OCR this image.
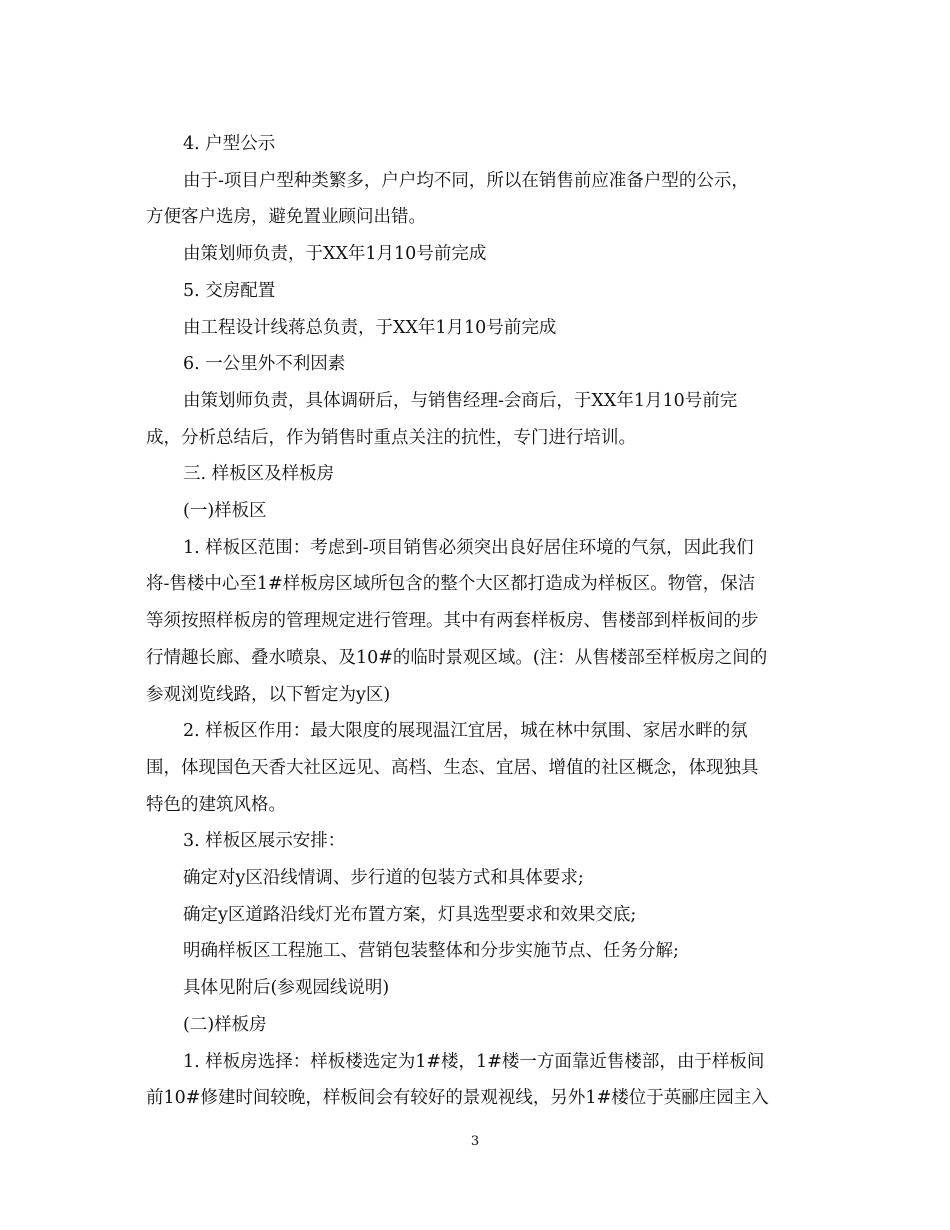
4. 户型公示
由于-项目户型种类繁多，户户均不同，所以在销售前应准备户型的公示，
方便客户选房，避免置业顾问出错。
由策划师负责，于XX年1月10号前完成
5. 交房配置
由工程设计线蒋总负责，于XX年1月10号前完成
6. 一公里外不利因素
由策划师负责，具体调研后，与销售经理-会商后，于XX年1月10号前完
成，分析总结后，作为销售时重点关注的抗性，专门进行培训。
三. 样板区及样板房
(一)样板区
1. 样板区范围：考虑到-项目销售必须突出良好居住环境的气氛，因此我们
将-售楼中心至1#样板房区域所包含的整个大区都打造成为样板区。物管，保洁
等须按照样板房的管理规定进行管理。其中有两套样板房、售楼部到样板间的步
行情趣长廊、叠水喷泉、及10#的临时景观区域。(注：从售楼部至样板房之间的
参观浏览线路，以下暂定为y区)
2. 样板区作用：最大限度的展现温江宜居，城在林中氛围、家居水畔的氛
围，体现国色天香大社区远见、高档、生态、宜居、增值的社区概念，体现独具
特色的建筑风格。
3. 样板区展示安排：
确定对y区沿线情调、步行道的包装方式和具体要求;
确定y区道路沿线灯光布置方案，灯具选型要求和效果交底;
明确样板区工程施工、营销包装整体和分步实施节点、任务分解;
具体见附后(参观园线说明)
(二)样板房
1. 样板房选择：样板楼选定为1#楼，1#楼一方面靠近售楼部，由于样板间
前10#修建时间较晚，样板间会有较好的景观视线，另外1#楼位于英郦庄园主入
3
